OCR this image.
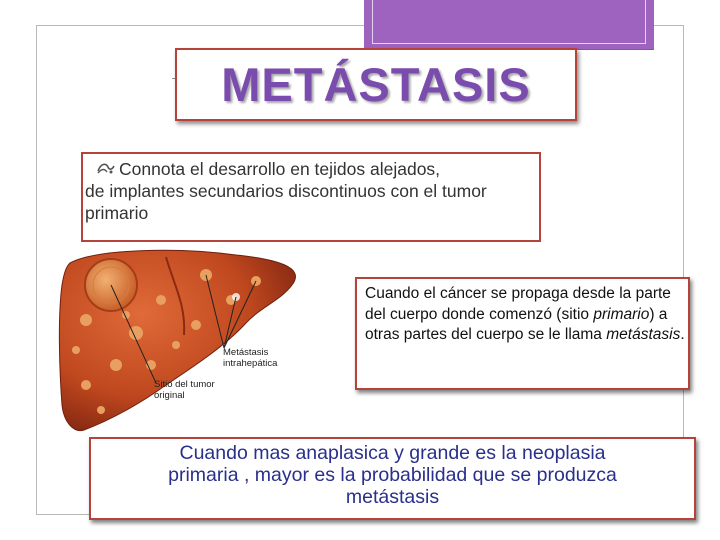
METÁSTASIS
Connota el desarrollo en tejidos alejados,
de implantes secundarios discontinuos con el tumor primario
Metástasis
intrahepática
Sitio del tumor
original
Cuando el cáncer se propaga desde la parte del cuerpo donde comenzó (sitio primario) a otras partes del cuerpo se le llama metástasis.
Cuando mas anaplasica y grande es la neoplasia
primaria , mayor es la probabilidad que se produzca
metástasis
